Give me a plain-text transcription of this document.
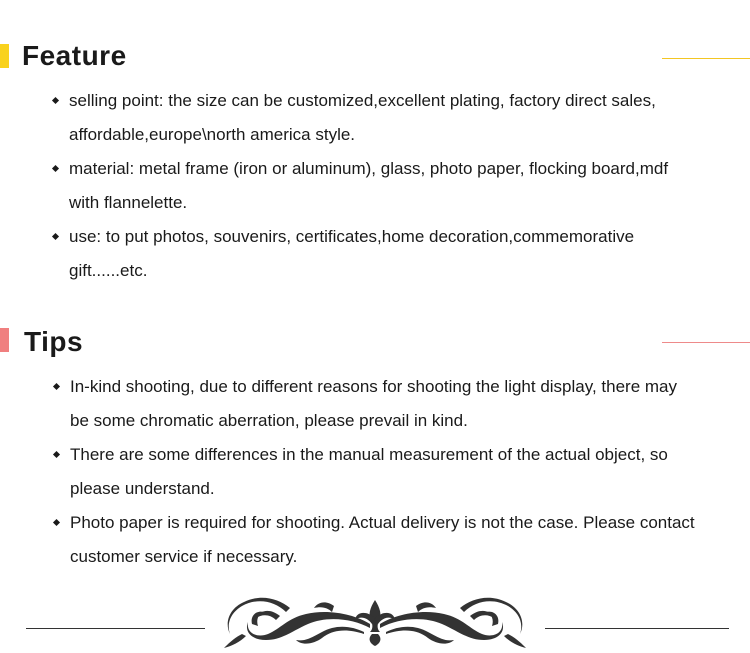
Feature
selling point: the size can be customized,excellent plating, factory direct sales, affordable,europe\north america style.
material: metal frame (iron or aluminum), glass, photo paper, flocking board,mdf with flannelette.
use: to put photos, souvenirs, certificates,home decoration,commemorative gift......etc.
Tips
In-kind shooting, due to different reasons for shooting the light display, there may be some chromatic aberration, please prevail in kind.
There are some differences in the manual measurement of the actual object, so please understand.
Photo paper is required for shooting. Actual delivery is not the case. Please contact customer service if necessary.
